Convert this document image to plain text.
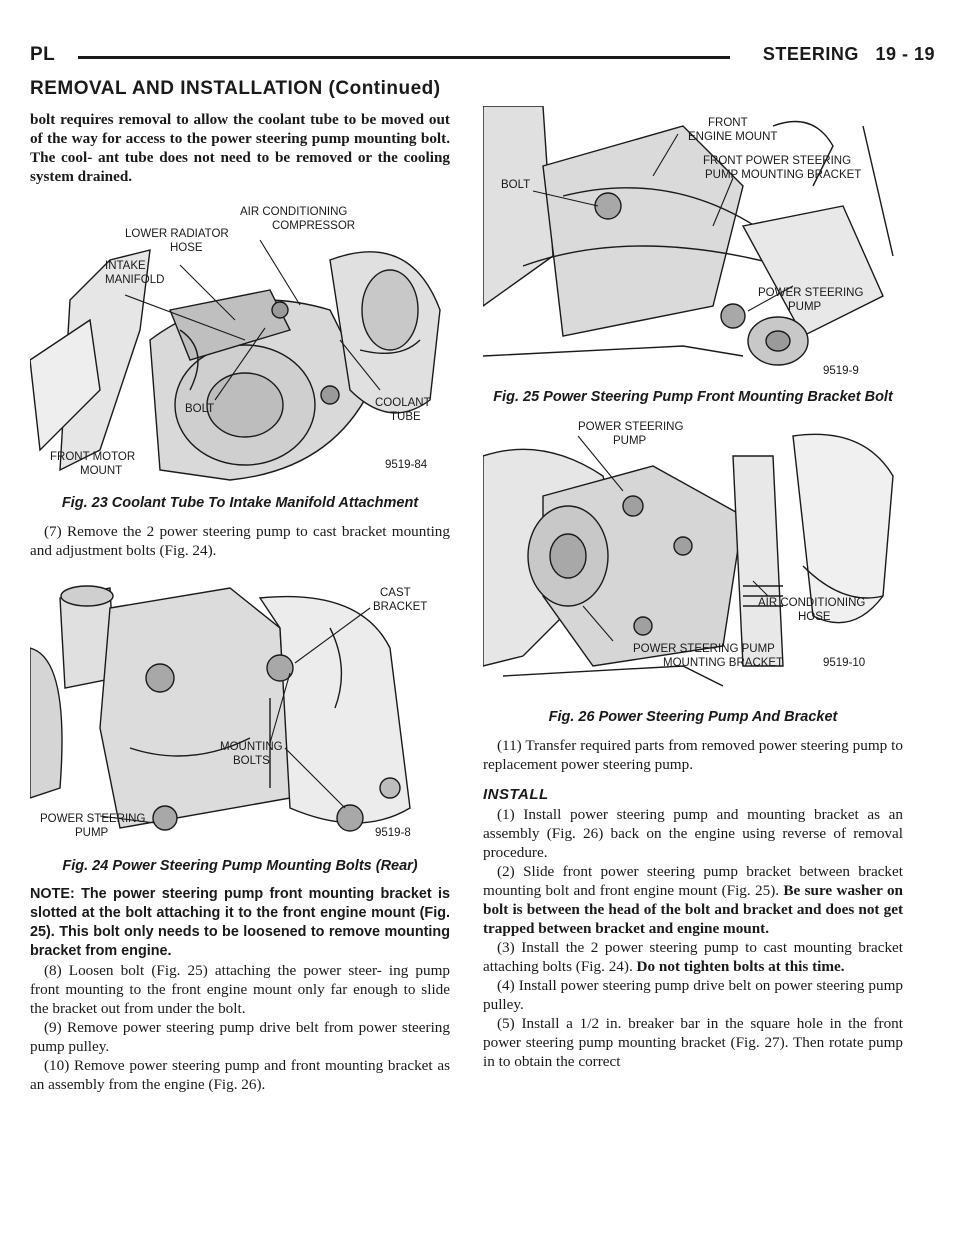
PL	STEERING 19 - 19
REMOVAL AND INSTALLATION (Continued)

bolt requires removal to allow the coolant tube to be moved out of the way for access to the power steering pump mounting bolt. The cool- ant tube does not need to be removed or the cooling system drained.

AIR CONDITIONING
COMPRESSOR
LOWER RADIATOR
HOSE
INTAKE
MANIFOLD
BOLT	COOLANT
TUBE
FRONT MOTOR
MOUNT	9519-84
Fig. 23 Coolant Tube To Intake Manifold Attachment

(7) Remove the 2 power steering pump to cast bracket mounting and adjustment bolts (Fig. 24).

CAST
BRACKET
MOUNTING
BOLTS
POWER STEERING
PUMP	9519-8
Fig. 24 Power Steering Pump Mounting Bolts (Rear)

NOTE: The power steering pump front mounting bracket is slotted at the bolt attaching it to the front engine mount (Fig. 25). This bolt only needs to be loosened to remove mounting bracket from engine.

(8) Loosen bolt (Fig. 25) attaching the power steer- ing pump front mounting to the front engine mount only far enough to slide the bracket out from under the bolt.

(9) Remove power steering pump drive belt from power steering pump pulley.

(10) Remove power steering pump and front mounting bracket as an assembly from the engine (Fig. 26).

FRONT
ENGINE MOUNT
BOLT
FRONT POWER STEERING
PUMP MOUNTING BRACKET
POWER STEERING
PUMP
9519-9
Fig. 25 Power Steering Pump Front Mounting Bracket Bolt
POWER STEERING
PUMP
AIR CONDITIONING
HOSE
POWER STEERING PUMP
MOUNTING BRACKET	9519-10
Fig. 26 Power Steering Pump And Bracket

(11) Transfer required parts from removed power steering pump to replacement power steering pump.

INSTALL

(1) Install power steering pump and mounting bracket as an assembly (Fig. 26) back on the engine using reverse of removal procedure.

(2) Slide front power steering pump bracket between bracket mounting bolt and front engine mount (Fig. 25). Be sure washer on bolt is between the head of the bolt and bracket and does not get trapped between bracket and engine mount.

(3) Install the 2 power steering pump to cast mounting bracket attaching bolts (Fig. 24). Do not tighten bolts at this time.

(4) Install power steering pump drive belt on power steering pump pulley.

(5) Install a 1/2 in. breaker bar in the square hole in the front power steering pump mounting bracket (Fig. 27). Then rotate pump in to obtain the correct
